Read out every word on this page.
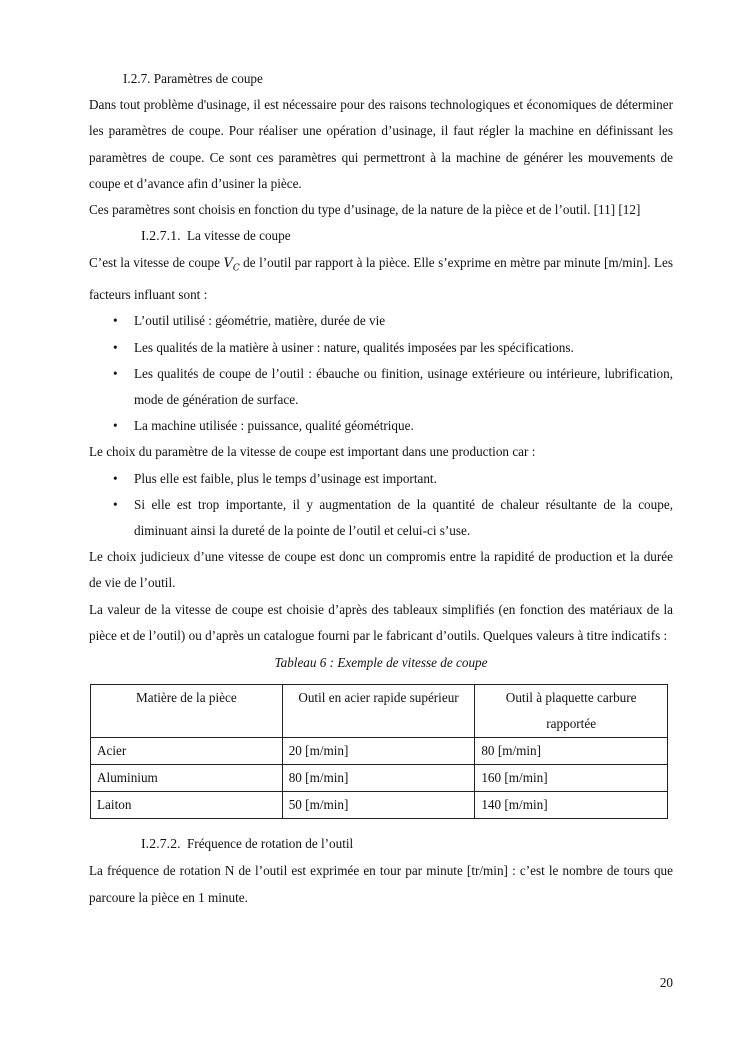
I.2.7. Paramètres de coupe

Dans tout problème d'usinage, il est nécessaire pour des raisons technologiques et économiques de déterminer les paramètres de coupe. Pour réaliser une opération d’usinage, il faut régler la machine en définissant les paramètres de coupe. Ce sont ces paramètres qui permettront à la machine de générer les mouvements de coupe et d’avance afin d’usiner la pièce.

Ces paramètres sont choisis en fonction du type d’usinage, de la nature de la pièce et de l’outil. [11] [12]

I.2.7.1. La vitesse de coupe

C’est la vitesse de coupe $V_C$ de l’outil par rapport à la pièce. Elle s’exprime en mètre par minute [m/min]. Les facteurs influant sont :

• L’outil utilisé : géométrie, matière, durée de vie
• Les qualités de la matière à usiner : nature, qualités imposées par les spécifications.
• Les qualités de coupe de l’outil : ébauche ou finition, usinage extérieure ou intérieure, lubrification, mode de génération de surface.
• La machine utilisée : puissance, qualité géométrique.

Le choix du paramètre de la vitesse de coupe est important dans une production car :

• Plus elle est faible, plus le temps d’usinage est important.
• Si elle est trop importante, il y augmentation de la quantité de chaleur résultante de la coupe, diminuant ainsi la dureté de la pointe de l’outil et celui-ci s’use.

Le choix judicieux d’une vitesse de coupe est donc un compromis entre la rapidité de production et la durée de vie de l’outil.

La valeur de la vitesse de coupe est choisie d’après des tableaux simplifiés (en fonction des matériaux de la pièce et de l’outil) ou d’après un catalogue fourni par le fabricant d’outils. Quelques valeurs à titre indicatifs :

Tableau 6 : Exemple de vitesse de coupe
Matière de la pièce	Outil en acier rapide supérieur	Outil à plaquette carbure rapportée
Acier	20 [m/min]	80 [m/min]
Aluminium	80 [m/min]	160 [m/min]
Laiton	50 [m/min]	140 [m/min]
I.2.7.2. Fréquence de rotation de l’outil

La fréquence de rotation N de l’outil est exprimée en tour par minute [tr/min] : c’est le nombre de tours que parcoure la pièce en 1 minute.

20
